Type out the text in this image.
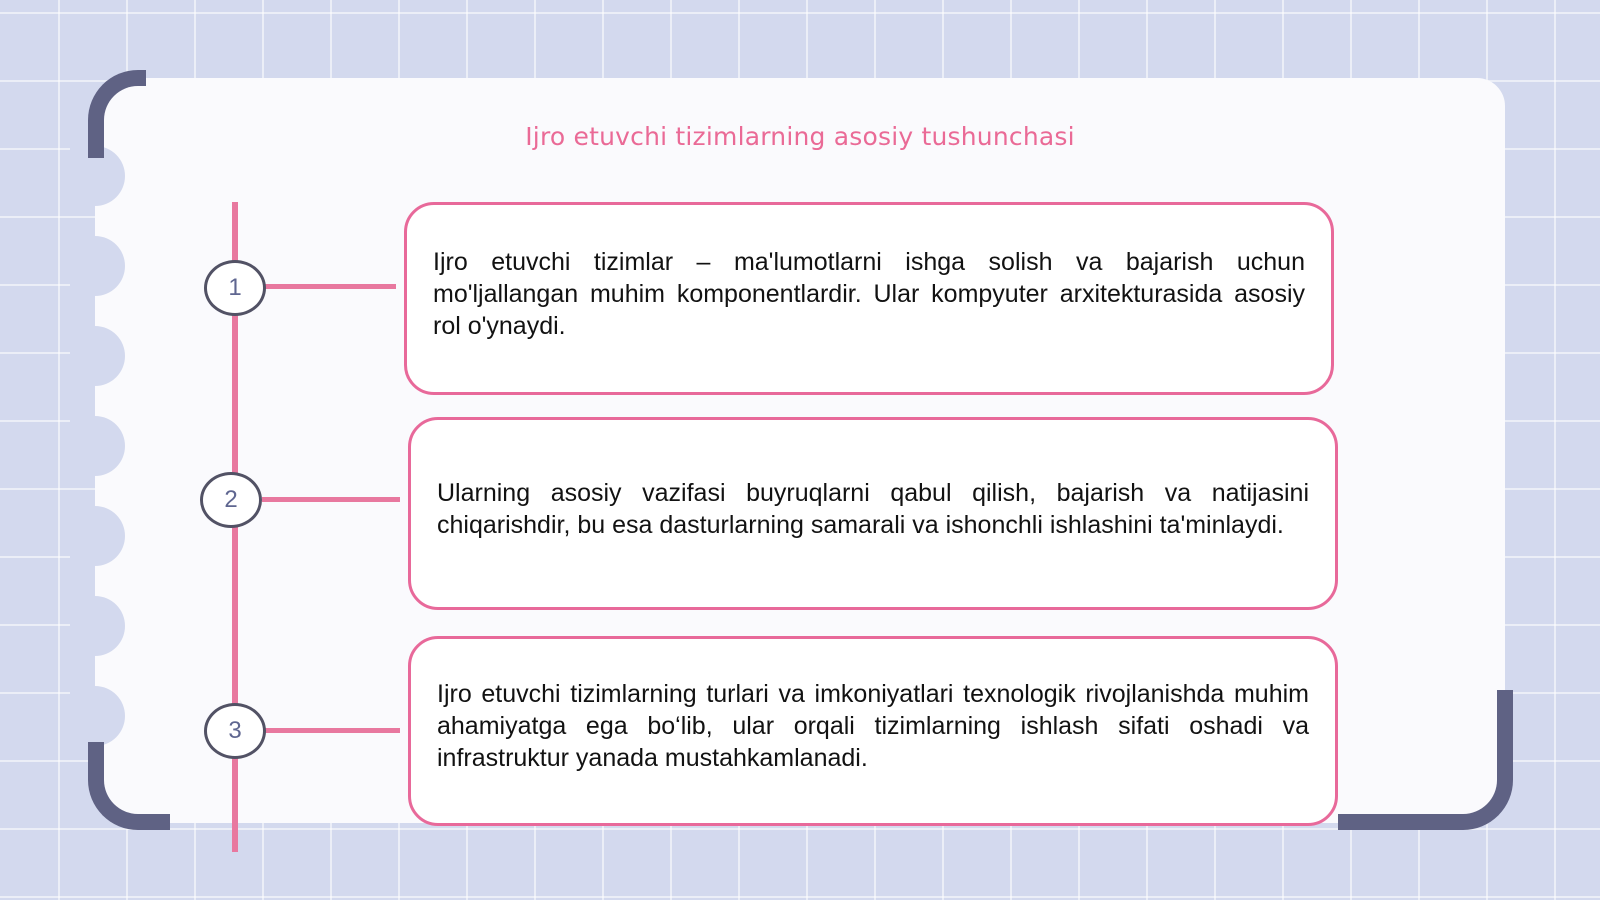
Ijro etuvchi tizimlarning asosiy tushunchasi
1
Ijro etuvchi tizimlar – ma'lumotlarni ishga solish va bajarish uchun mo'ljallangan muhim komponentlardir. Ular kompyuter arxitekturasida asosiy rol o'ynaydi.
2	Ularning asosiy vazifasi buyruqlarni qabul qilish, bajarish va natijasini chiqarishdir, bu esa dasturlarning samarali va ishonchli ishlashini ta'minlaydi.
3
Ijro etuvchi tizimlarning turlari va imkoniyatlari texnologik rivojlanishda muhim ahamiyatga ega bo‘lib, ular orqali tizimlarning ishlash sifati oshadi va infrastruktur yanada mustahkamlanadi.
